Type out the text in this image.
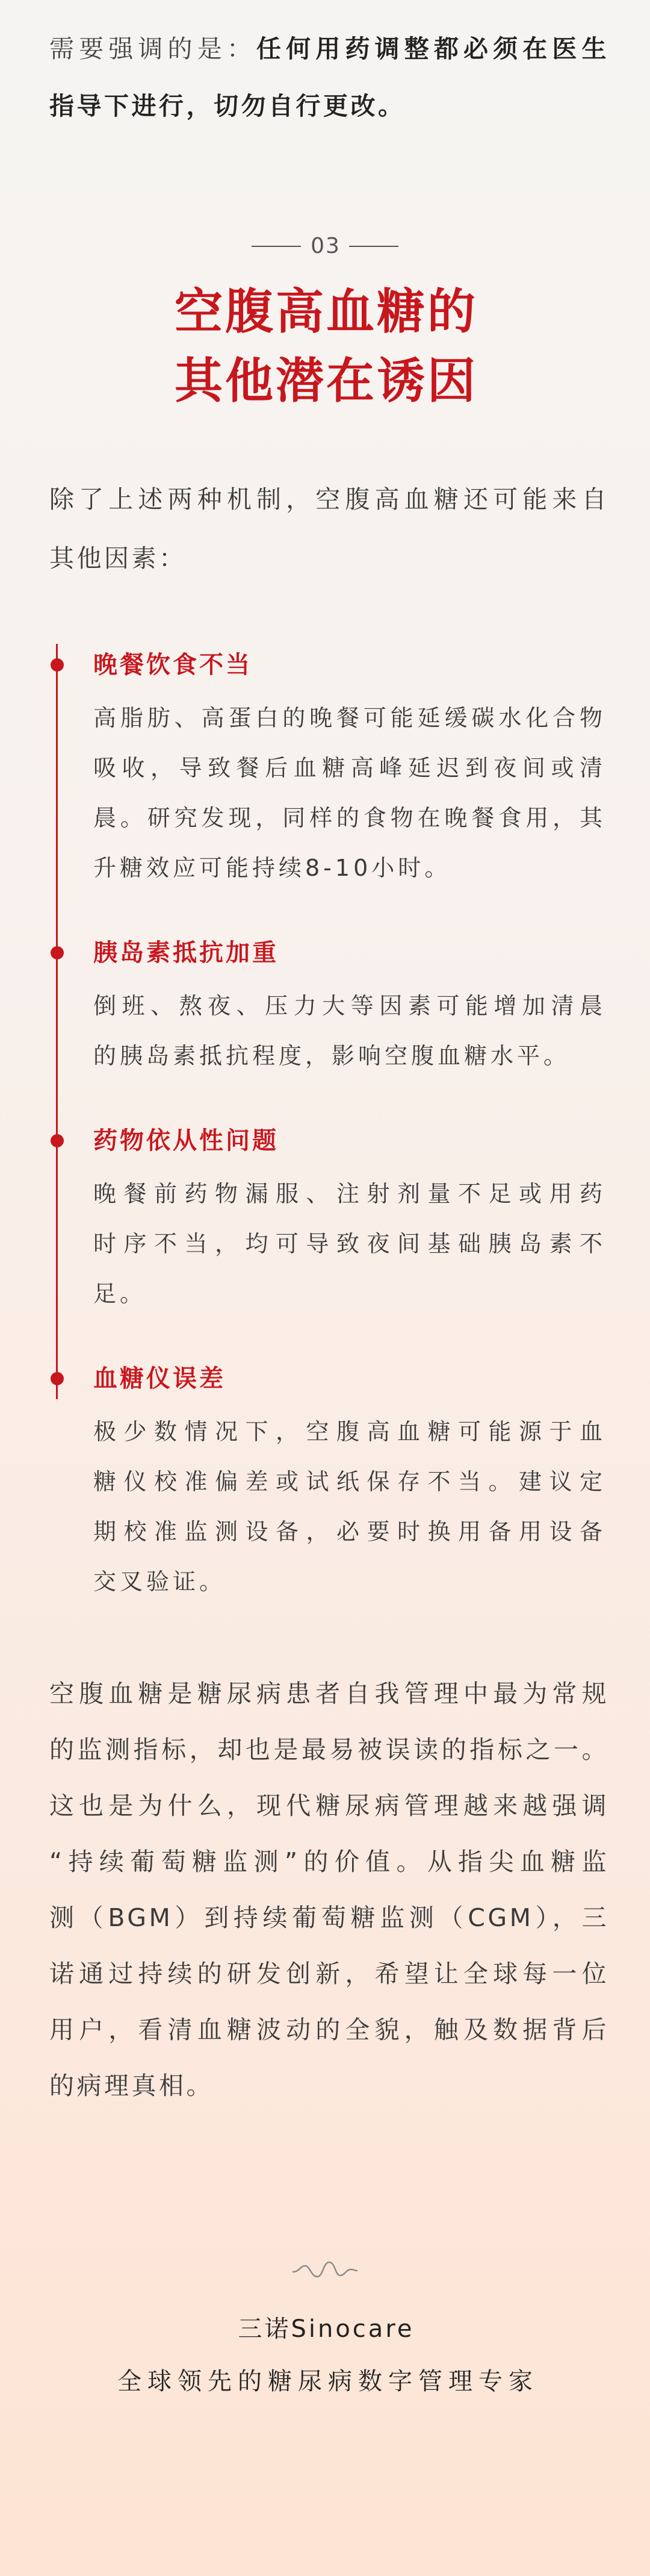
需要强调的是：任何用药调整都必须在医生
指导下进行，切勿自行更改。
03
空腹高血糖的
其他潜在诱因
除了上述两种机制，空腹高血糖还可能来自
其他因素：
晚餐饮食不当
高脂肪、高蛋白的晚餐可能延缓碳水化合物
吸收，导致餐后血糖高峰延迟到夜间或清
晨。研究发现，同样的食物在晚餐食用，其
升糖效应可能持续8-10小时。
胰岛素抵抗加重
倒班、熬夜、压力大等因素可能增加清晨
的胰岛素抵抗程度，影响空腹血糖水平。
药物依从性问题
晚餐前药物漏服、注射剂量不足或用药
时序不当，均可导致夜间基础胰岛素不
足。
血糖仪误差
极少数情况下，空腹高血糖可能源于血
糖仪校准偏差或试纸保存不当。建议定
期校准监测设备，必要时换用备用设备
交叉验证。
空腹血糖是糖尿病患者自我管理中最为常规
的监测指标，却也是最易被误读的指标之一。
这也是为什么，现代糖尿病管理越来越强调
“持续葡萄糖监测”的价值。从指尖血糖监
测（BGM）到持续葡萄糖监测（CGM），三
诺通过持续的研发创新，希望让全球每一位
用户，看清血糖波动的全貌，触及数据背后
的病理真相。
三诺Sinocare
全球领先的糖尿病数字管理专家
